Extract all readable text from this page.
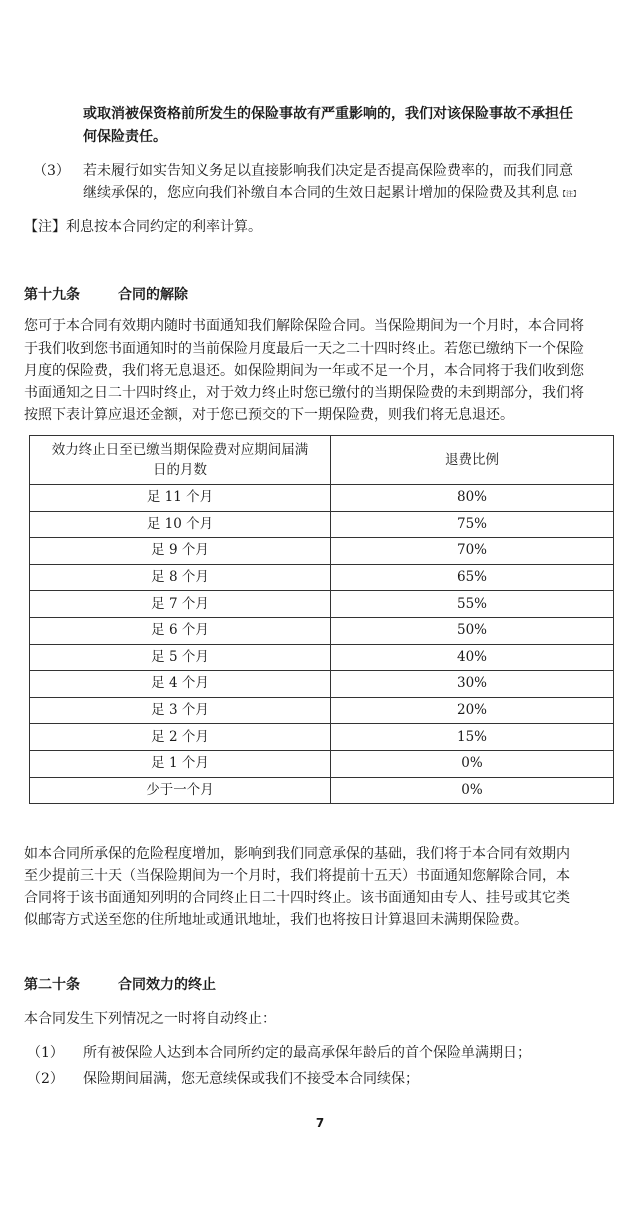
或取消被保资格前所发生的保险事故有严重影响的，我们对该保险事故不承担任
何保险责任。
（3） 若未履行如实告知义务足以直接影响我们决定是否提高保险费率的，而我们同意
继续承保的，您应向我们补缴自本合同的生效日起累计增加的保险费及其利息【注】
【注】利息按本合同约定的利率计算。
第十九条	合同的解除
您可于本合同有效期内随时书面通知我们解除保险合同。当保险期间为一个月时，本合同将
于我们收到您书面通知时的当前保险月度最后一天之二十四时终止。若您已缴纳下一个保险
月度的保险费，我们将无息退还。如保险期间为一年或不足一个月，本合同将于我们收到您
书面通知之日二十四时终止，对于效力终止时您已缴付的当期保险费的未到期部分，我们将
按照下表计算应退还金额，对于您已预交的下一期保险费，则我们将无息退还。
效力终止日至已缴当期保险费对应期间届满
日的月数	退费比例
足 11 个月	80%
足 10 个月	75%
足 9 个月	70%
足 8 个月	65%
足 7 个月	55%
足 6 个月	50%
足 5 个月	40%
足 4 个月	30%
足 3 个月	20%
足 2 个月	15%
足 1 个月	0%
少于一个月	0%
如本合同所承保的危险程度增加，影响到我们同意承保的基础，我们将于本合同有效期内
至少提前三十天（当保险期间为一个月时，我们将提前十五天）书面通知您解除合同，本
合同将于该书面通知列明的合同终止日二十四时终止。该书面通知由专人、挂号或其它类
似邮寄方式送至您的住所地址或通讯地址，我们也将按日计算退回未满期保险费。
第二十条	合同效力的终止
本合同发生下列情况之一时将自动终止：
（1） 所有被保险人达到本合同所约定的最高承保年龄后的首个保险单满期日；
（2） 保险期间届满，您无意续保或我们不接受本合同续保；
7
